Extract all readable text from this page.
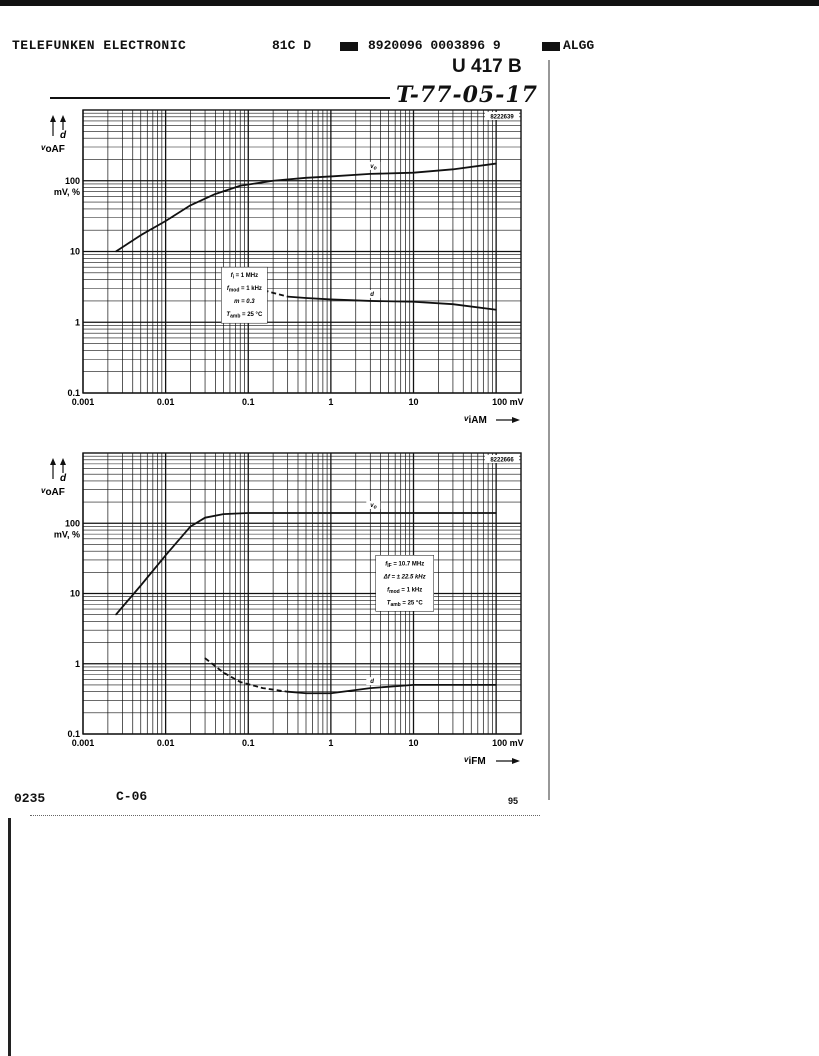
TELEFUNKEN ELECTRONIC	81C D	8920096 0003896 9	ALGG
U 417 B
T-77-05-17
8222639
0.001	0.01	0.1	1	10	100 mV
0.1
1
10
100
mV, %
d
voAF
viAM
$v_o$
d
$f_i = 1$ MHz
$f_{mod} = 1$ kHz
m = 0.3
$T_{amb} = 25$ °C
8222666
0.001	0.01	0.1	1	10	100 mV
0.1
1
10
100
mV, %
d
voAF
viFM
$v_o$
d
$f_{IF} = 10.7$ MHz
Δf = ± 22.5 kHz
$f_{mod} = 1$ kHz
$T_{amb} = 25$ °C
0235	C-06	95
